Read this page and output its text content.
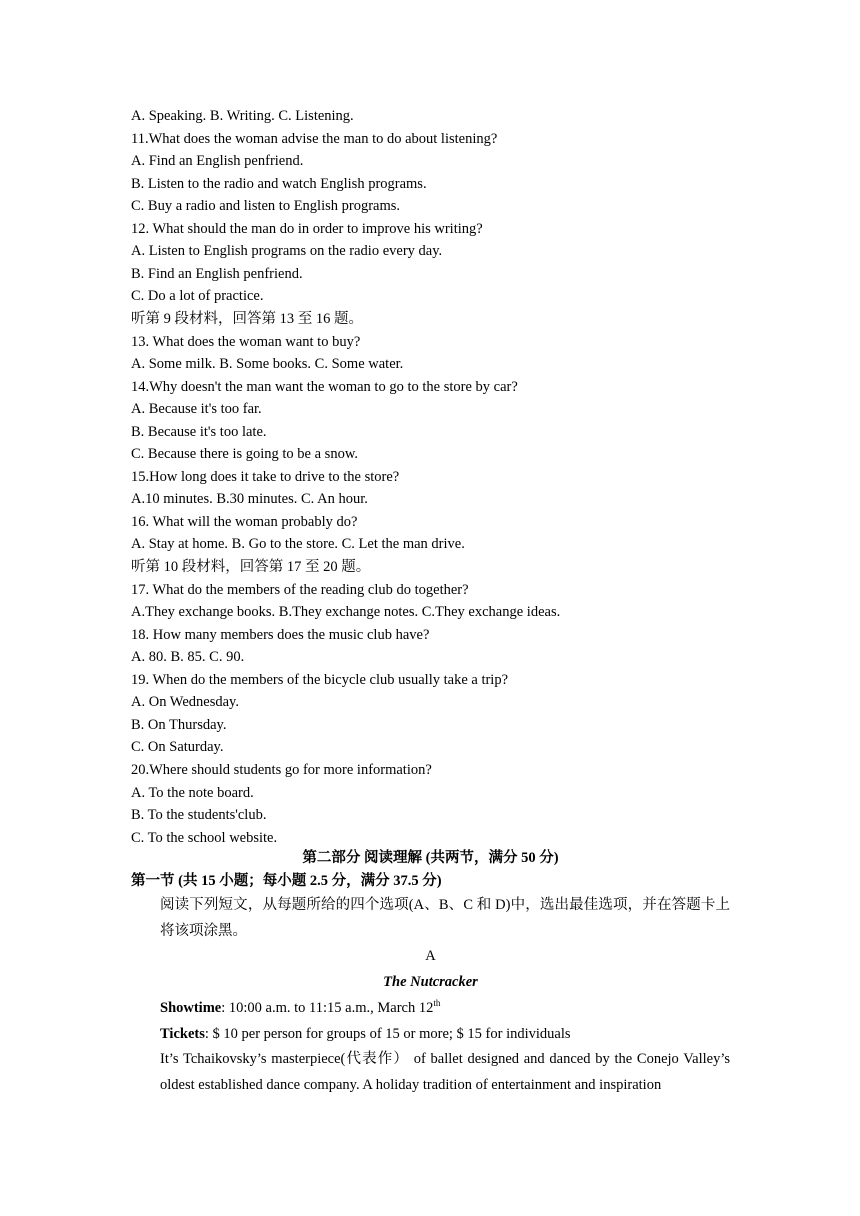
A. Speaking. B. Writing. C. Listening.
11.What does the woman advise the man to do about listening?
A. Find an English penfriend.
B. Listen to the radio and watch English programs.
C. Buy a radio and listen to English programs.
12. What should the man do in order to improve his writing?
A. Listen to English programs on the radio every day.
B. Find an English penfriend.
C. Do a lot of practice.
听第 9 段材料，回答第 13 至 16 题。
13. What does the woman want to buy?
A. Some milk. B. Some books. C. Some water.
14.Why doesn't the man want the woman to go to the store by car?
A. Because it's too far.
B. Because it's too late.
C. Because there is going to be a snow.
15.How long does it take to drive to the store?
A.10 minutes. B.30 minutes. C. An hour.
16. What will the woman probably do?
A. Stay at home. B. Go to the store. C. Let the man drive.
听第 10 段材料，回答第 17 至 20 题。
17. What do the members of the reading club do together?
A.They exchange books. B.They exchange notes. C.They exchange ideas.
18. How many members does the music club have?
A. 80. B. 85. C. 90.
19. When do the members of the bicycle club usually take a trip?
A. On Wednesday.
B. On Thursday.
C. On Saturday.
20.Where should students go for more information?
A. To the note board.
B. To the students'club.
C. To the school website.
第二部分 阅读理解 (共两节，满分 50 分)
第一节 (共 15 小题；每小题 2.5 分，满分 37.5 分)
阅读下列短文，从每题所给的四个选项(A、B、C 和 D)中，选出最佳选项，并在答题卡上将该项涂黑。
A
The Nutcracker
Showtime: 10:00 a.m. to 11:15 a.m., March 12th
Tickets: $ 10 per person for groups of 15 or more; $ 15 for individuals
It’s Tchaikovsky’s masterpiece(代表作） of ballet designed and danced by the Conejo Valley’s oldest established dance company. A holiday tradition of entertainment and inspiration
